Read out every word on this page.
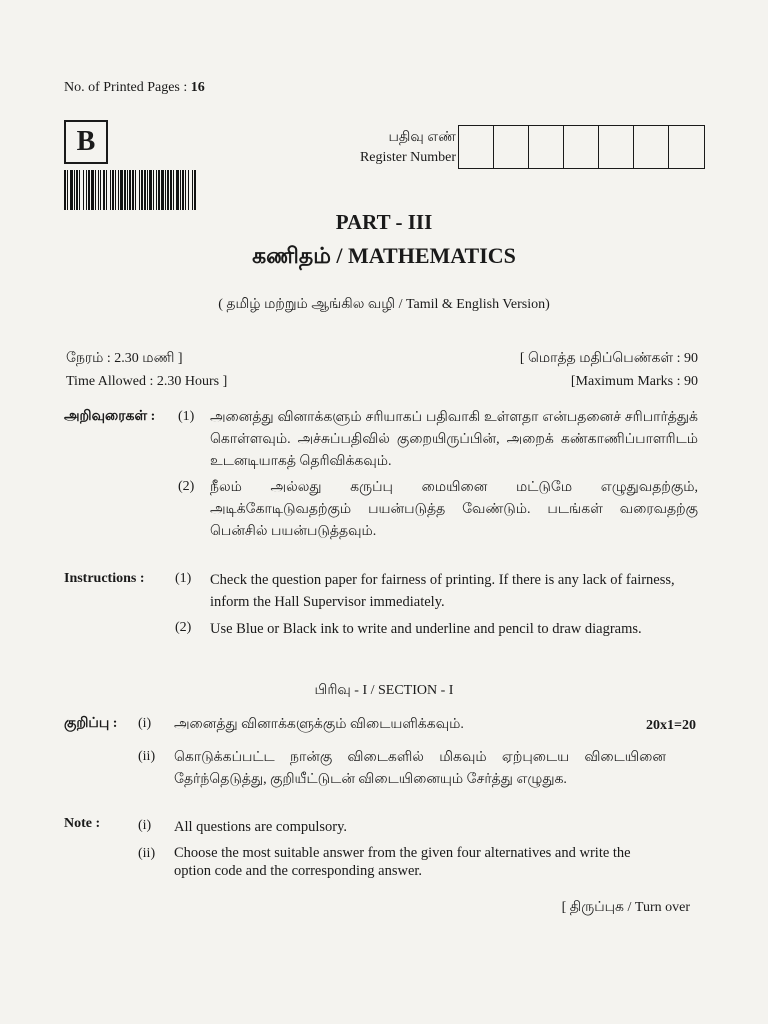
No. of Printed Pages : 16
B	பதிவு எண்
Register Number
PART - III
கணிதம் / MATHEMATICS
( தமிழ் மற்றும் ஆங்கில வழி / Tamil & English Version)
நேரம் : 2.30 மணி ]
Time Allowed : 2.30 Hours ]
[ மொத்த மதிப்பெண்கள் : 90
[Maximum Marks : 90
அறிவுரைகள் : (1) அனைத்து வினாக்களும் சரியாகப் பதிவாகி உள்ளதா என்பதனைச் சரிபார்த்துக் கொள்ளவும். அச்சுப்பதிவில் குறையிருப்பின், அறைக் கண்காணிப்பாளரிடம் உடனடியாகத் தெரிவிக்கவும்.
(2) நீலம் அல்லது கருப்பு மையினை மட்டுமே எழுதுவதற்கும், அடிக்கோடிடுவதற்கும் பயன்படுத்த வேண்டும். படங்கள் வரைவதற்கு பென்சில் பயன்படுத்தவும்.
Instructions : (1) Check the question paper for fairness of printing. If there is any lack of fairness, inform the Hall Supervisor immediately.
(2) Use Blue or Black ink to write and underline and pencil to draw diagrams.
பிரிவு - I / SECTION - I
20x1=20
குறிப்பு : (i) அனைத்து வினாக்களுக்கும் விடையளிக்கவும்.
(ii) கொடுக்கப்பட்ட நான்கு விடைகளில் மிகவும் ஏற்புடைய விடையினை தேர்ந்தெடுத்து, குறியீட்டுடன் விடையினையும் சேர்த்து எழுதுக.
Note :	(i) All questions are compulsory.
(ii) Choose the most suitable answer from the given four alternatives and write the option code and the corresponding answer.
[ திருப்புக / Turn over
